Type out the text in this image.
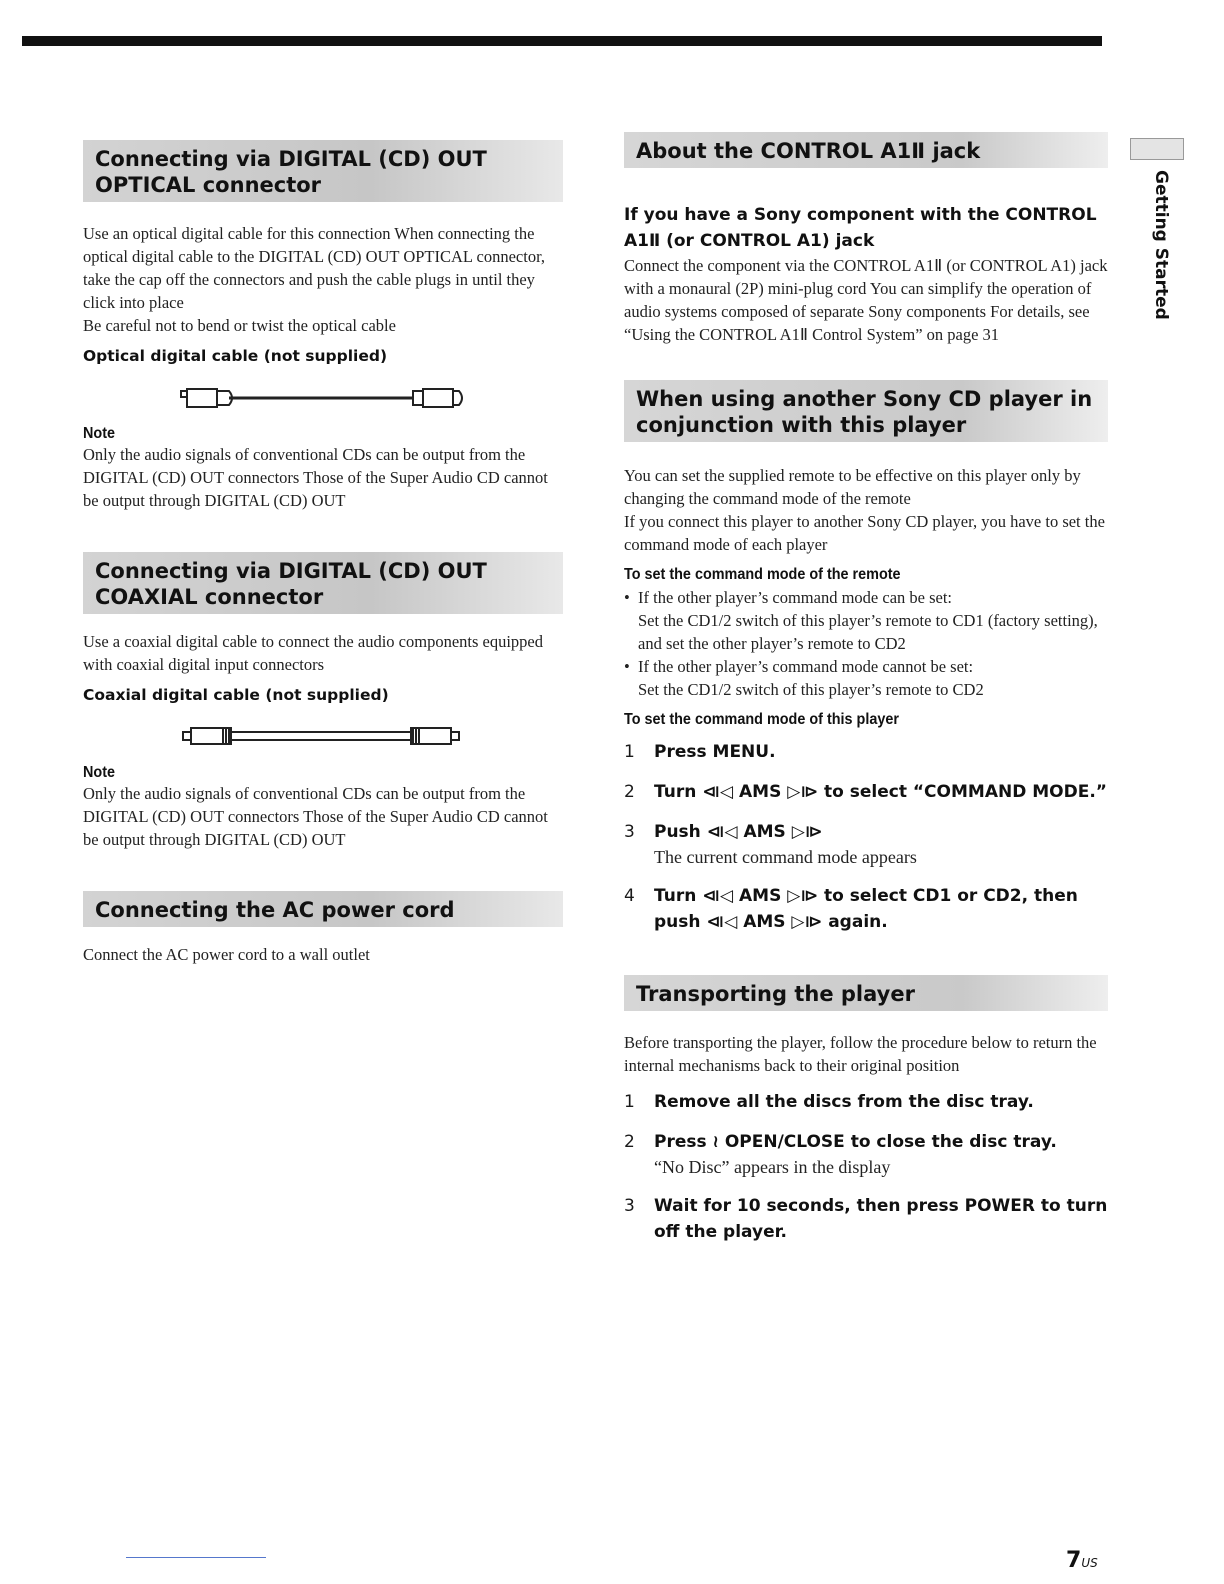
Connecting via DIGITAL (CD) OUT OPTICAL connector

Use an optical digital cable for this connection When connecting the optical digital cable to the DIGITAL (CD) OUT OPTICAL connector, take the cap off the connectors and push the cable plugs in until they click into place

Be careful not to bend or twist the optical cable

Optical digital cable (not supplied)
Note

Only the audio signals of conventional CDs can be output from the DIGITAL (CD) OUT connectors Those of the Super Audio CD cannot be output through DIGITAL (CD) OUT

Connecting via DIGITAL (CD) OUT COAXIAL connector

Use a coaxial digital cable to connect the audio components equipped with coaxial digital input connectors

Coaxial digital cable (not supplied)
Note

Only the audio signals of conventional CDs can be output from the DIGITAL (CD) OUT connectors Those of the Super Audio CD cannot be output through DIGITAL (CD) OUT

Connecting the AC power cord

Connect the AC power cord to a wall outlet

About the CONTROL A1Ⅱ jack
If you have a Sony component with the CONTROL A1Ⅱ (or CONTROL A1) jack

Connect the component via the CONTROL A1Ⅱ (or CONTROL A1) jack with a monaural (2P) mini-plug cord You can simplify the operation of audio systems composed of separate Sony components For details, see “Using the CONTROL A1Ⅱ Control System” on page 31

When using another Sony CD player in conjunction with this player

You can set the supplied remote to be effective on this player only by changing the command mode of the remote

If you connect this player to another Sony CD player, you have to set the command mode of each player

To set the command mode of the remote
• If the other player’s command mode can be set:
Set the CD1/2 switch of this player’s remote to CD1 (factory setting), and set the other player’s remote to CD2
• If the other player’s command mode cannot be set:
Set the CD1/2 switch of this player’s remote to CD2
To set the command mode of this player
1 Press MENU.
2 Turn ⧏◁ AMS ▷⧐ to select “COMMAND MODE.”
3 Push ⧏◁ AMS ▷⧐
The current command mode appears
4 Turn ⧏◁ AMS ▷⧐ to select CD1 or CD2, then push ⧏◁ AMS ▷⧐ again.
Transporting the player

Before transporting the player, follow the procedure below to return the internal mechanisms back to their original position

1 Remove all the discs from the disc tray.
2 Press ≀ OPEN/CLOSE to close the disc tray.
“No Disc” appears in the display
3 Wait for 10 seconds, then press POWER to turn off the player.
Getting Started
7US
